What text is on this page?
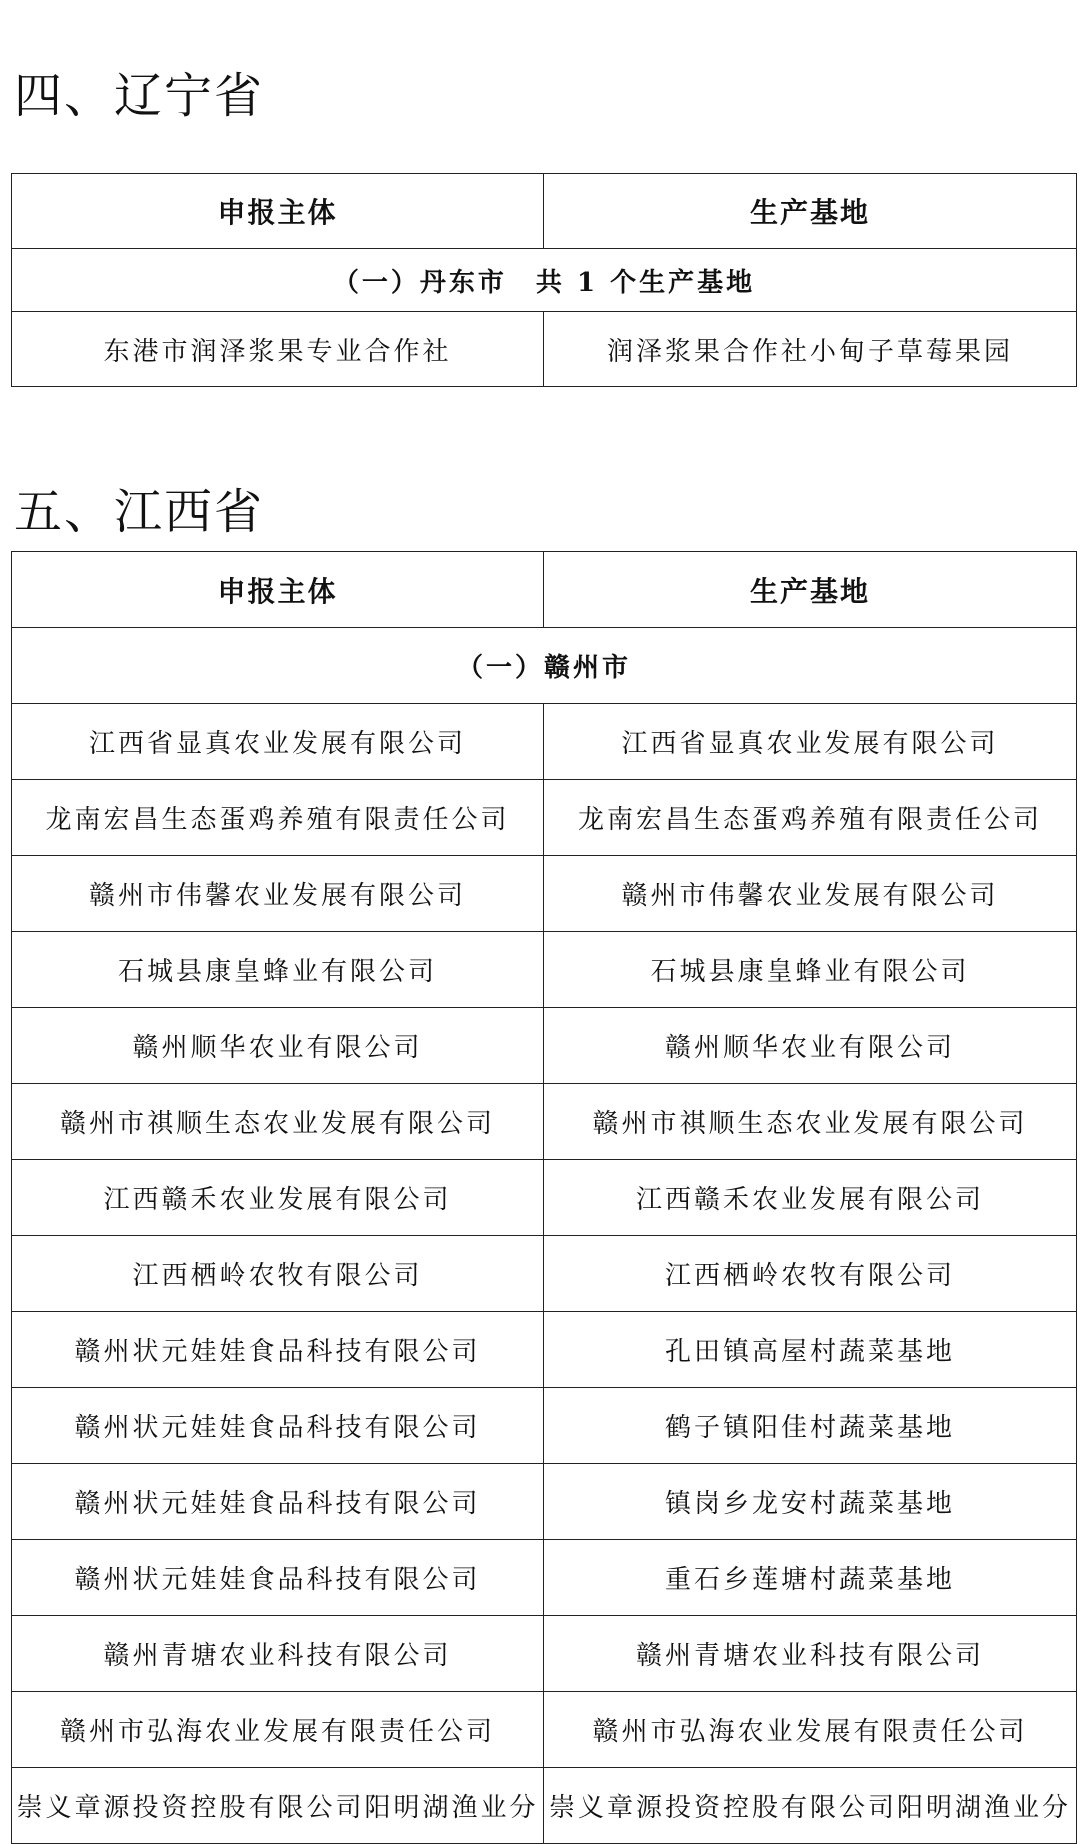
四、辽宁省
申报主体	生产基地
（一）丹东市　共 1 个生产基地	
东港市润泽浆果专业合作社	润泽浆果合作社小甸子草莓果园
五、江西省
申报主体	生产基地
（一）赣州市	
江西省显真农业发展有限公司	江西省显真农业发展有限公司
龙南宏昌生态蛋鸡养殖有限责任公司	龙南宏昌生态蛋鸡养殖有限责任公司
赣州市伟馨农业发展有限公司	赣州市伟馨农业发展有限公司
石城县康皇蜂业有限公司	石城县康皇蜂业有限公司
赣州顺华农业有限公司	赣州顺华农业有限公司
赣州市祺顺生态农业发展有限公司	赣州市祺顺生态农业发展有限公司
江西赣禾农业发展有限公司	江西赣禾农业发展有限公司
江西栖岭农牧有限公司	江西栖岭农牧有限公司
赣州状元娃娃食品科技有限公司	孔田镇高屋村蔬菜基地
赣州状元娃娃食品科技有限公司	鹤子镇阳佳村蔬菜基地
赣州状元娃娃食品科技有限公司	镇岗乡龙安村蔬菜基地
赣州状元娃娃食品科技有限公司	重石乡莲塘村蔬菜基地
赣州青塘农业科技有限公司	赣州青塘农业科技有限公司
赣州市弘海农业发展有限责任公司	赣州市弘海农业发展有限责任公司
崇义章源投资控股有限公司阳明湖渔业分	崇义章源投资控股有限公司阳明湖渔业分
